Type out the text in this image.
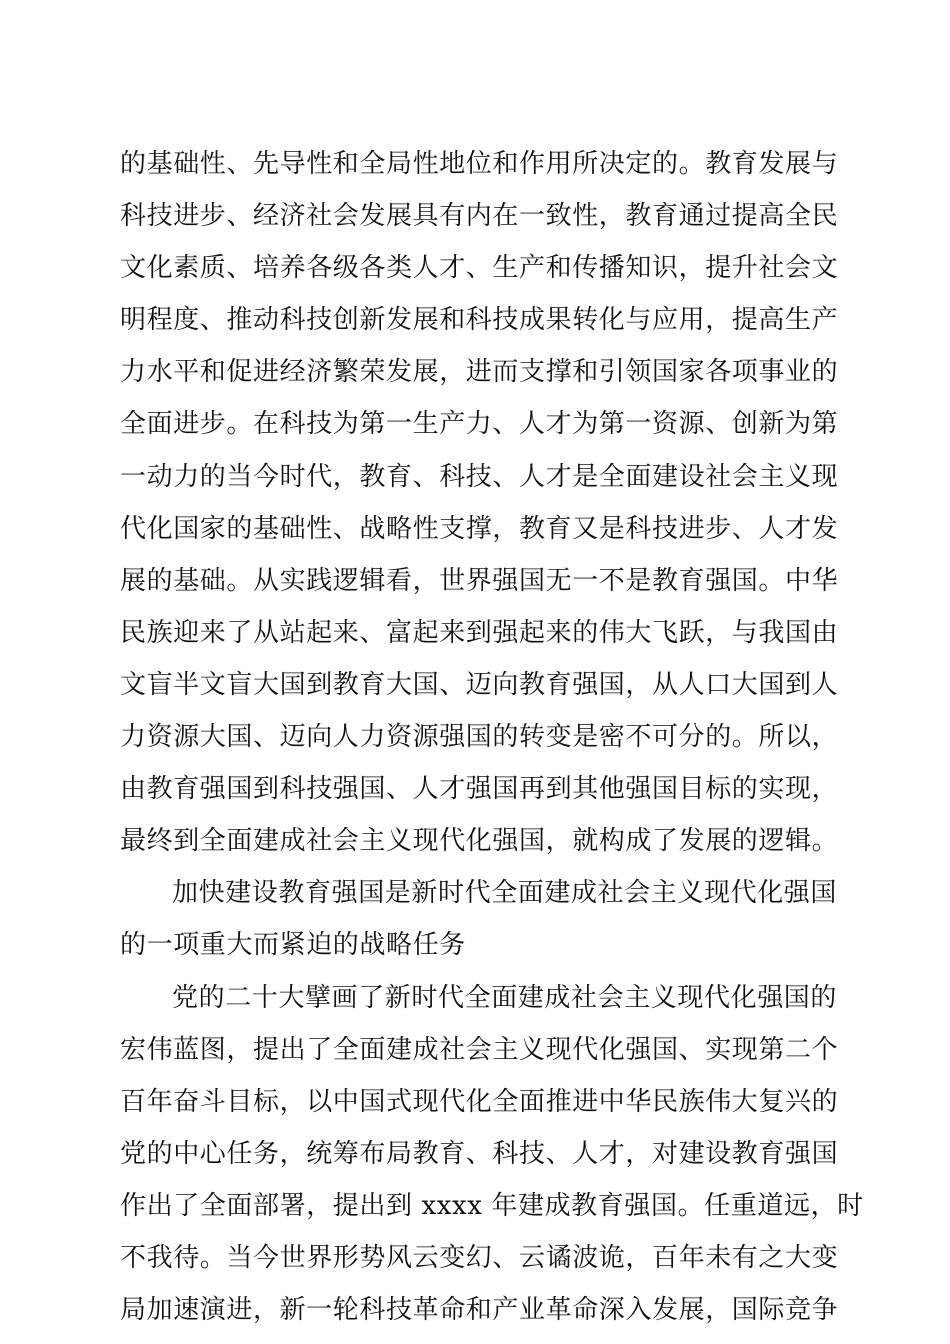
的基础性、先导性和全局性地位和作用所决定的。教育发展与
科技进步、经济社会发展具有内在一致性，教育通过提高全民
文化素质、培养各级各类人才、生产和传播知识，提升社会文
明程度、推动科技创新发展和科技成果转化与应用，提高生产
力水平和促进经济繁荣发展，进而支撑和引领国家各项事业的
全面进步。在科技为第一生产力、人才为第一资源、创新为第
一动力的当今时代，教育、科技、人才是全面建设社会主义现
代化国家的基础性、战略性支撑，教育又是科技进步、人才发
展的基础。从实践逻辑看，世界强国无一不是教育强国。中华
民族迎来了从站起来、富起来到强起来的伟大飞跃，与我国由
文盲半文盲大国到教育大国、迈向教育强国，从人口大国到人
力资源大国、迈向人力资源强国的转变是密不可分的。所以，
由教育强国到科技强国、人才强国再到其他强国目标的实现，
最终到全面建成社会主义现代化强国，就构成了发展的逻辑。
加快建设教育强国是新时代全面建成社会主义现代化强国
的一项重大而紧迫的战略任务
党的二十大擘画了新时代全面建成社会主义现代化强国的
宏伟蓝图，提出了全面建成社会主义现代化强国、实现第二个
百年奋斗目标，以中国式现代化全面推进中华民族伟大复兴的
党的中心任务，统筹布局教育、科技、人才，对建设教育强国
作出了全面部署，提出到 xxxx 年建成教育强国。任重道远，时
不我待。当今世界形势风云变幻、云谲波诡，百年未有之大变
局加速演进，新一轮科技革命和产业革命深入发展，国际竞争
